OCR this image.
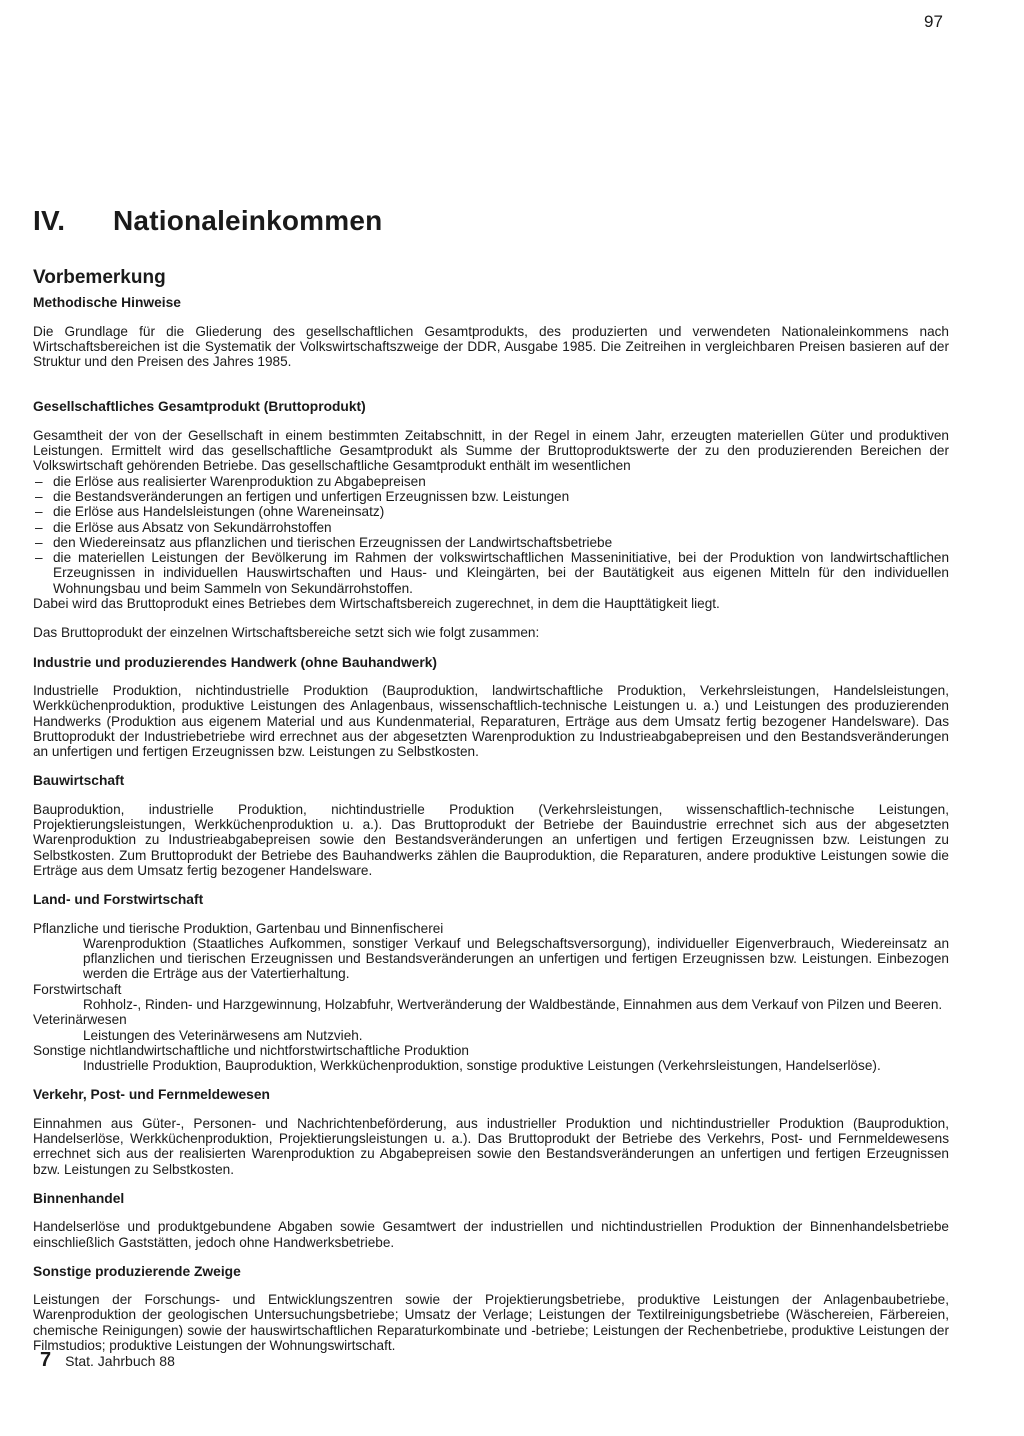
97
IV. Nationaleinkommen
Vorbemerkung
Methodische Hinweise

Die Grundlage für die Gliederung des gesellschaftlichen Gesamtprodukts, des produzierten und verwendeten Nationaleinkommens nach Wirtschaftsbereichen ist die Systematik der Volkswirtschaftszweige der DDR, Ausgabe 1985. Die Zeitreihen in vergleichbaren Preisen basieren auf der Struktur und den Preisen des Jahres 1985.

Gesellschaftliches Gesamtprodukt (Bruttoprodukt)

Gesamtheit der von der Gesellschaft in einem bestimmten Zeitabschnitt, in der Regel in einem Jahr, erzeugten materiellen Güter und produktiven Leistungen. Ermittelt wird das gesellschaftliche Gesamtprodukt als Summe der Bruttoproduktswerte der zu den produzierenden Bereichen der Volkswirtschaft gehörenden Betriebe. Das gesellschaftliche Gesamtprodukt enthält im wesentlichen

– die Erlöse aus realisierter Warenproduktion zu Abgabepreisen
– die Bestandsveränderungen an fertigen und unfertigen Erzeugnissen bzw. Leistungen
– die Erlöse aus Handelsleistungen (ohne Wareneinsatz)
– die Erlöse aus Absatz von Sekundärrohstoffen
– den Wiedereinsatz aus pflanzlichen und tierischen Erzeugnissen der Landwirtschaftsbetriebe
– die materiellen Leistungen der Bevölkerung im Rahmen der volkswirtschaftlichen Masseninitiative, bei der Produktion von landwirtschaftlichen Erzeugnissen in individuellen Hauswirtschaften und Haus- und Kleingärten, bei der Bautätigkeit aus eigenen Mitteln für den individuellen Wohnungsbau und beim Sammeln von Sekundärrohstoffen.

Dabei wird das Bruttoprodukt eines Betriebes dem Wirtschaftsbereich zugerechnet, in dem die Haupttätigkeit liegt.

Das Bruttoprodukt der einzelnen Wirtschaftsbereiche setzt sich wie folgt zusammen:

Industrie und produzierendes Handwerk (ohne Bauhandwerk)

Industrielle Produktion, nichtindustrielle Produktion (Bauproduktion, landwirtschaftliche Produktion, Verkehrsleistungen, Handelsleistungen, Werkküchenproduktion, produktive Leistungen des Anlagenbaus, wissenschaftlich-technische Leistungen u. a.) und Leistungen des produzierenden Handwerks (Produktion aus eigenem Material und aus Kundenmaterial, Reparaturen, Erträge aus dem Umsatz fertig bezogener Handelsware). Das Bruttoprodukt der Industriebetriebe wird errechnet aus der abgesetzten Warenproduktion zu Industrieabgabepreisen und den Bestandsveränderungen an unfertigen und fertigen Erzeugnissen bzw. Leistungen zu Selbstkosten.

Bauwirtschaft

Bauproduktion, industrielle Produktion, nichtindustrielle Produktion (Verkehrsleistungen, wissenschaftlich-technische Leistungen, Projektierungsleistungen, Werkküchenproduktion u. a.). Das Bruttoprodukt der Betriebe der Bauindustrie errechnet sich aus der abgesetzten Warenproduktion zu Industrieabgabepreisen sowie den Bestandsveränderungen an unfertigen und fertigen Erzeugnissen bzw. Leistungen zu Selbstkosten. Zum Bruttoprodukt der Betriebe des Bauhandwerks zählen die Bauproduktion, die Reparaturen, andere produktive Leistungen sowie die Erträge aus dem Umsatz fertig bezogener Handelsware.

Land- und Forstwirtschaft

Pflanzliche und tierische Produktion, Gartenbau und Binnenfischerei

Warenproduktion (Staatliches Aufkommen, sonstiger Verkauf und Belegschaftsversorgung), individueller Eigenverbrauch, Wiedereinsatz an pflanzlichen und tierischen Erzeugnissen und Bestandsveränderungen an unfertigen und fertigen Erzeugnissen bzw. Leistungen. Einbezogen werden die Erträge aus der Vatertierhaltung.

Forstwirtschaft

Rohholz-, Rinden- und Harzgewinnung, Holzabfuhr, Wertveränderung der Waldbestände, Einnahmen aus dem Verkauf von Pilzen und Beeren.

Veterinärwesen

Leistungen des Veterinärwesens am Nutzvieh.

Sonstige nichtlandwirtschaftliche und nichtforstwirtschaftliche Produktion

Industrielle Produktion, Bauproduktion, Werkküchenproduktion, sonstige produktive Leistungen (Verkehrsleistungen, Handelserlöse).

Verkehr, Post- und Fernmeldewesen

Einnahmen aus Güter-, Personen- und Nachrichtenbeförderung, aus industrieller Produktion und nichtindustrieller Produktion (Bauproduktion, Handelserlöse, Werkküchenproduktion, Projektierungsleistungen u. a.). Das Bruttoprodukt der Betriebe des Verkehrs, Post- und Fernmeldewesens errechnet sich aus der realisierten Warenproduktion zu Abgabepreisen sowie den Bestandsveränderungen an unfertigen und fertigen Erzeugnissen bzw. Leistungen zu Selbstkosten.

Binnenhandel

Handelserlöse und produktgebundene Abgaben sowie Gesamtwert der industriellen und nichtindustriellen Produktion der Binnenhandelsbetriebe einschließlich Gaststätten, jedoch ohne Handwerksbetriebe.

Sonstige produzierende Zweige

Leistungen der Forschungs- und Entwicklungszentren sowie der Projektierungsbetriebe, produktive Leistungen der Anlagenbaubetriebe, Warenproduktion der geologischen Untersuchungsbetriebe; Umsatz der Verlage; Leistungen der Textilreinigungsbetriebe (Wäschereien, Färbereien, chemische Reinigungen) sowie der hauswirtschaftlichen Reparaturkombinate und -betriebe; Leistungen der Rechenbetriebe, produktive Leistungen der Filmstudios; produktive Leistungen der Wohnungswirtschaft.

7 Stat. Jahrbuch 88
